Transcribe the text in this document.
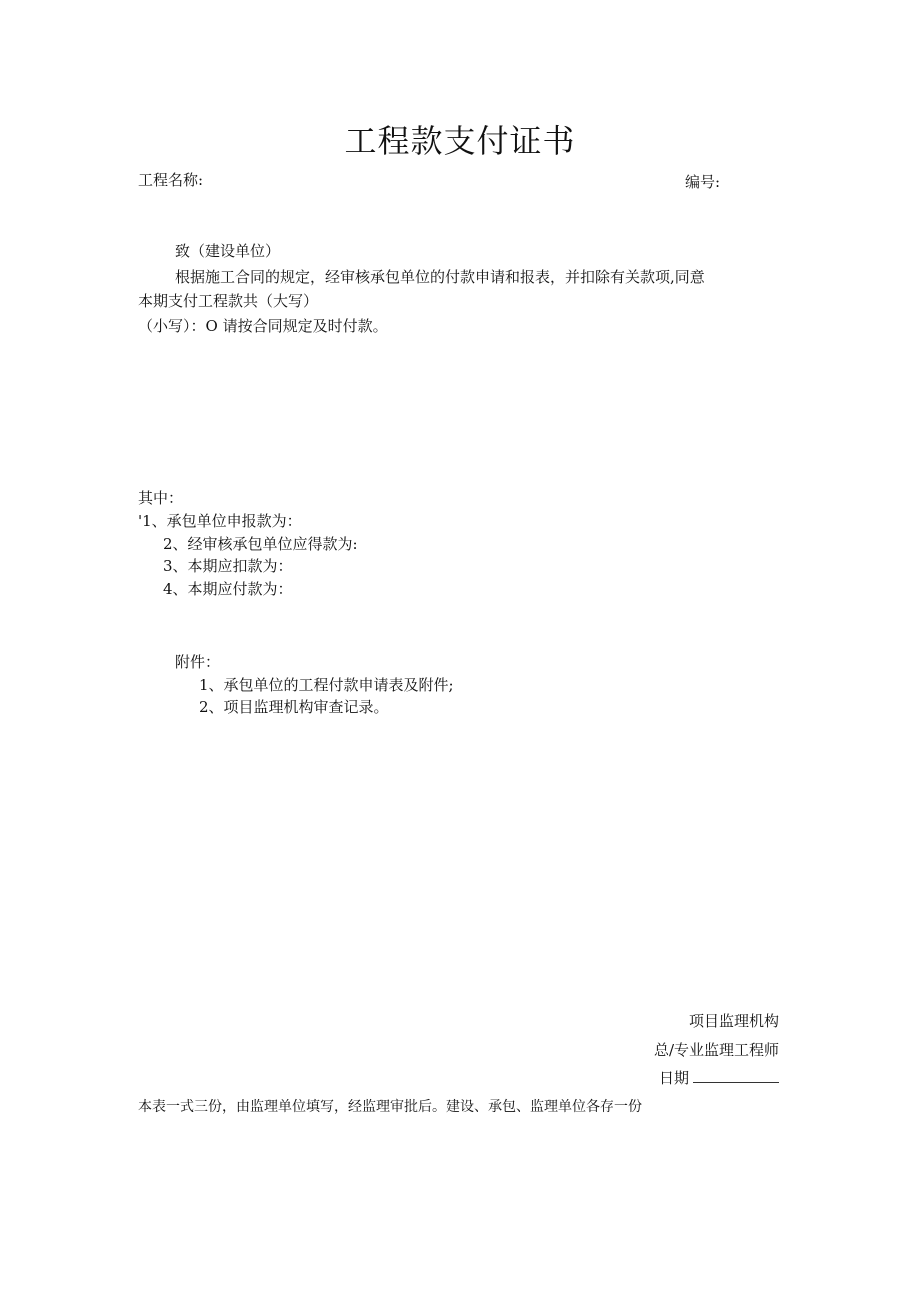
工程款支付证书
工程名称:	编号:
致（建设单位）
根据施工合同的规定，经审核承包单位的付款申请和报表，并扣除有关款项,同意
本期支付工程款共（大写）
（小写）：O 请按合同规定及时付款。
其中：
'1、承包单位申报款为：
2、经审核承包单位应得款为:
3、本期应扣款为：
4、本期应付款为：
附件：
1、承包单位的工程付款申请表及附件;
2、项目监理机构审查记录。
项目监理机构
总/专业监理工程师
日期
本表一式三份，由监理单位填写，经监理审批后。建设、承包、监理单位各存一份
